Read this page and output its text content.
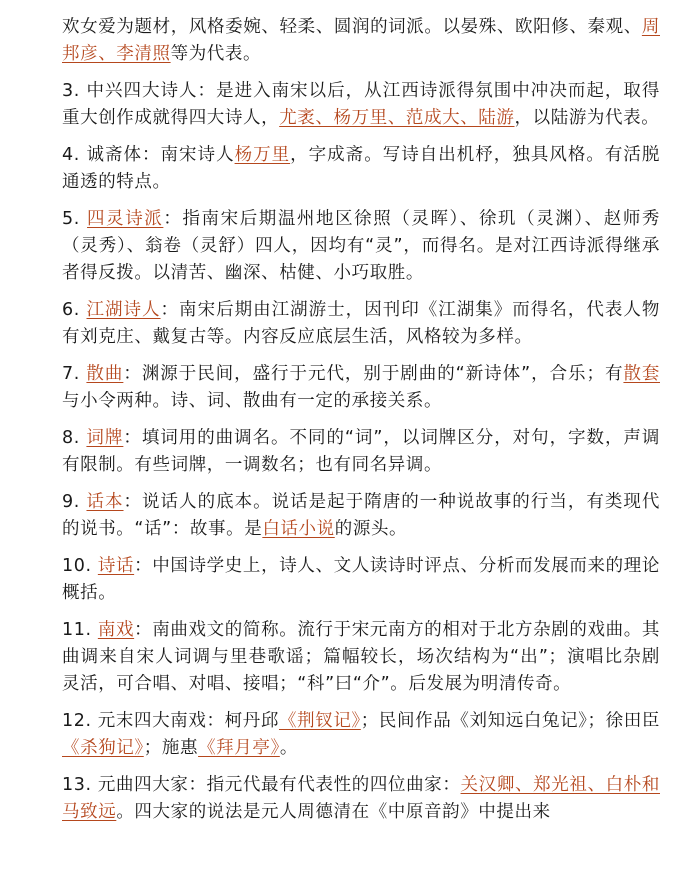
欢女爱为题材，风格委婉、轻柔、圆润的词派。以晏殊、欧阳修、秦观、周邦彦、李清照等为代表。

3. 中兴四大诗人：是进入南宋以后，从江西诗派得氛围中冲决而起，取得重大创作成就得四大诗人，尤袤、杨万里、范成大、陆游，以陆游为代表。

4. 诚斋体：南宋诗人杨万里，字成斋。写诗自出机杼，独具风格。有活脱通透的特点。

5. 四灵诗派：指南宋后期温州地区徐照（灵晖）、徐玑（灵渊）、赵师秀（灵秀）、翁卷（灵舒）四人，因均有“灵”，而得名。是对江西诗派得继承者得反拨。以清苦、幽深、枯健、小巧取胜。

6. 江湖诗人：南宋后期由江湖游士，因刊印《江湖集》而得名，代表人物有刘克庄、戴复古等。内容反应底层生活，风格较为多样。

7. 散曲：渊源于民间，盛行于元代，别于剧曲的“新诗体”，合乐；有散套与小令两种。诗、词、散曲有一定的承接关系。

8. 词牌：填词用的曲调名。不同的“词”，以词牌区分，对句，字数，声调有限制。有些词牌，一调数名；也有同名异调。

9. 话本：说话人的底本。说话是起于隋唐的一种说故事的行当，有类现代的说书。“话”：故事。是白话小说的源头。

10. 诗话：中国诗学史上，诗人、文人读诗时评点、分析而发展而来的理论概括。

11. 南戏：南曲戏文的简称。流行于宋元南方的相对于北方杂剧的戏曲。其曲调来自宋人词调与里巷歌谣；篇幅较长，场次结构为“出”；演唱比杂剧灵活，可合唱、对唱、接唱；“科”曰“介”。后发展为明清传奇。

12. 元末四大南戏：柯丹邱《荆钗记》；民间作品《刘知远白兔记》；徐田臣《杀狗记》；施惠《拜月亭》。

13. 元曲四大家：指元代最有代表性的四位曲家：关汉卿、郑光祖、白朴和马致远。四大家的说法是元人周德清在《中原音韵》中提出来
